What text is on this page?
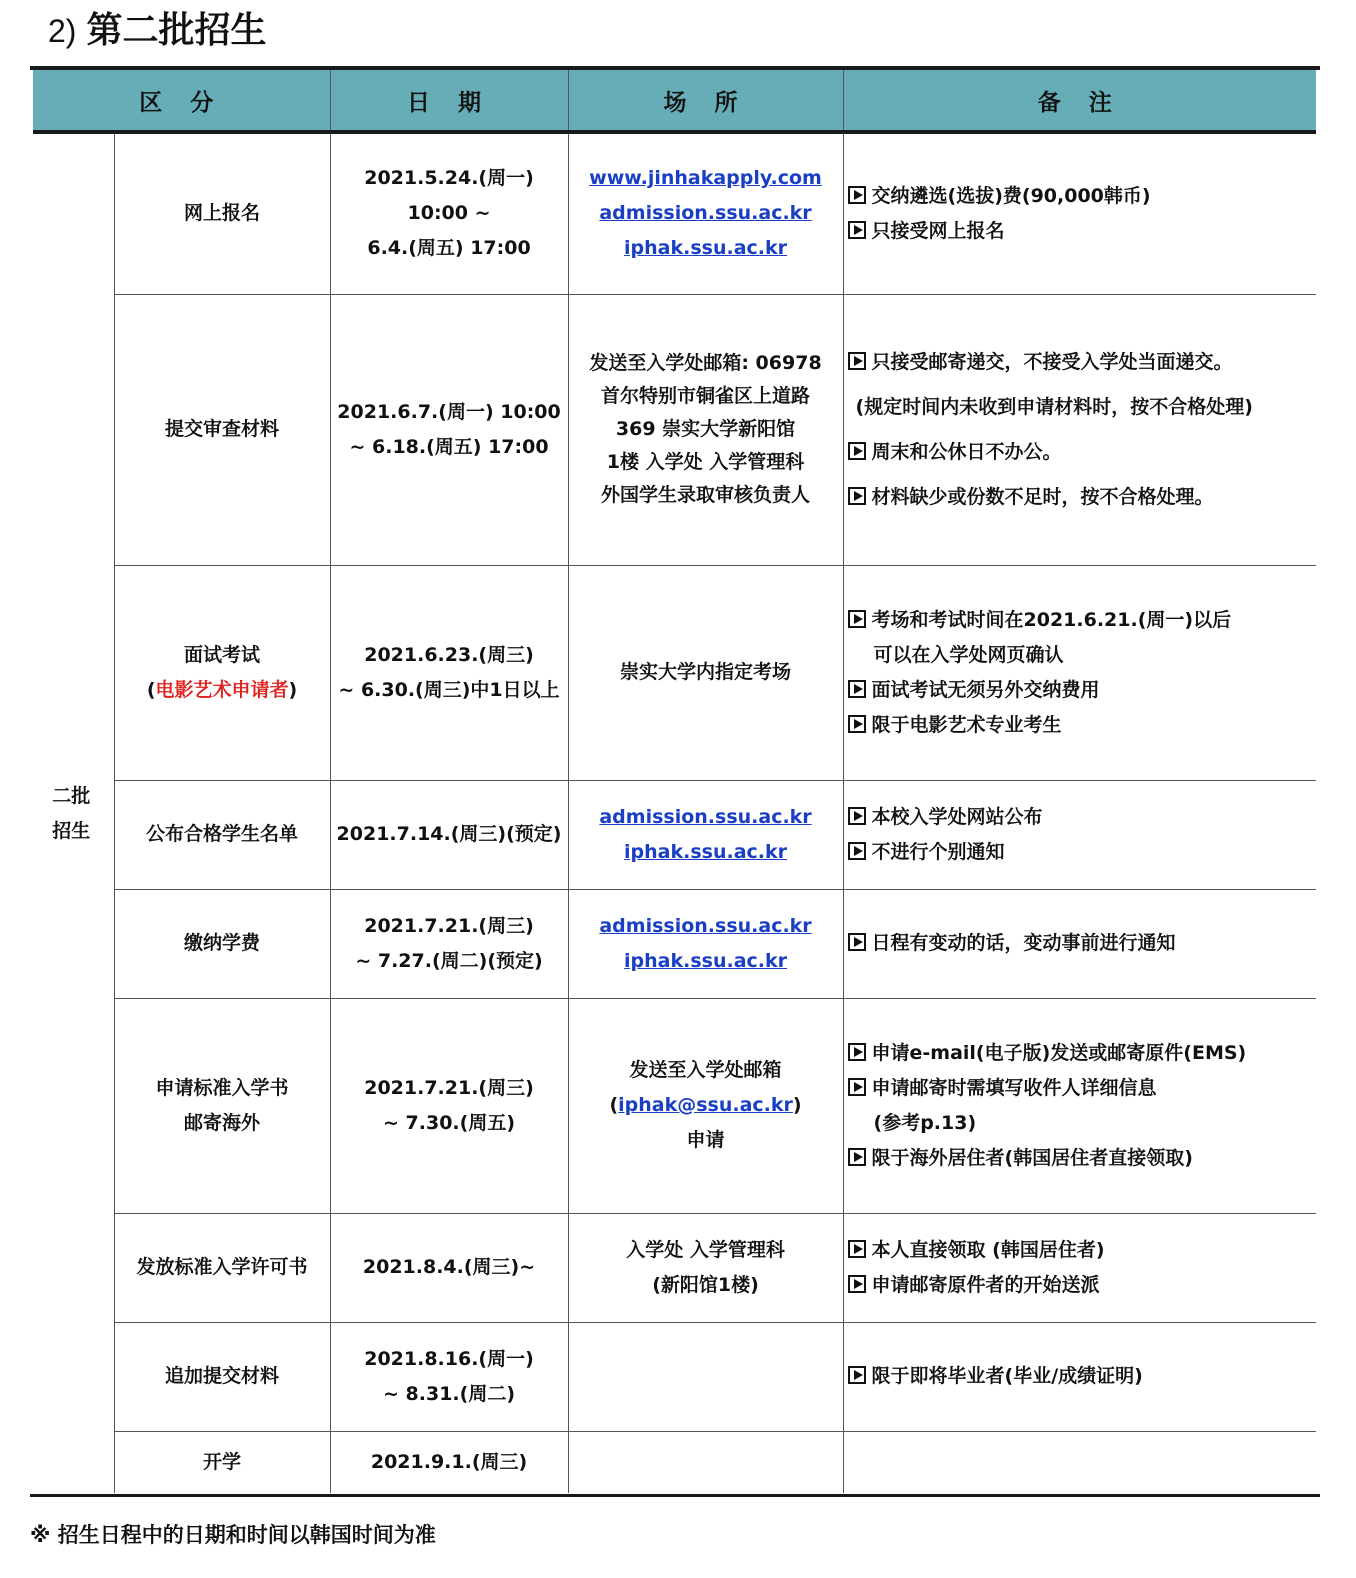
2) 第二批招生
区 分		日 期	场 所	备 注

二批
招生	网上报名	2021.5.24.(周一) 10:00 ~
6.4.(周五) 17:00	www.jinhakapply.com
admission.ssu.ac.kr
iphak.ssu.ac.kr	交纳遴选(选拔)费(90,000韩币)
只接受网上报名

	提交审查材料	2021.6.7.(周一) 10:00
~ 6.18.(周五) 17:00	发送至入学处邮箱: 06978
首尔特别市铜雀区上道路
369 崇实大学新阳馆
1楼 入学处 入学管理科
外国学生录取审核负责人	只接受邮寄递交，不接受入学处当面递交。
(规定时间内未收到申请材料时，按不合格处理)
周末和公休日不办公。
材料缺少或份数不足时，按不合格处理。

	面试考试
(电影艺术申请者)	2021.6.23.(周三)
~ 6.30.(周三)中1日以上	崇实大学内指定考场	考场和考试时间在2021.6.21.(周一)以后
可以在入学处网页确认
面试考试无须另外交纳费用
限于电影艺术专业考生

	公布合格学生名单	2021.7.14.(周三)(预定)	admission.ssu.ac.kr
iphak.ssu.ac.kr	本校入学处网站公布
不进行个别通知

	缴纳学费	2021.7.21.(周三)
~ 7.27.(周二)(预定)	admission.ssu.ac.kr
iphak.ssu.ac.kr	日程有变动的话，变动事前进行通知

	申请标准入学书
邮寄海外	2021.7.21.(周三)
~ 7.30.(周五)	发送至入学处邮箱
(iphak@ssu.ac.kr)
申请	申请e-mail(电子版)发送或邮寄原件(EMS)
申请邮寄时需填写收件人详细信息
(参考p.13)
限于海外居住者(韩国居住者直接领取)

	发放标准入学许可书	2021.8.4.(周三)~	入学处 入学管理科
(新阳馆1楼)	本人直接领取 (韩国居住者)
申请邮寄原件者的开始送派

	追加提交材料	2021.8.16.(周一)
~ 8.31.(周二)		限于即将毕业者(毕业/成绩证明)

	开学	2021.9.1.(周三)		
※ 招生日程中的日期和时间以韩国时间为准
